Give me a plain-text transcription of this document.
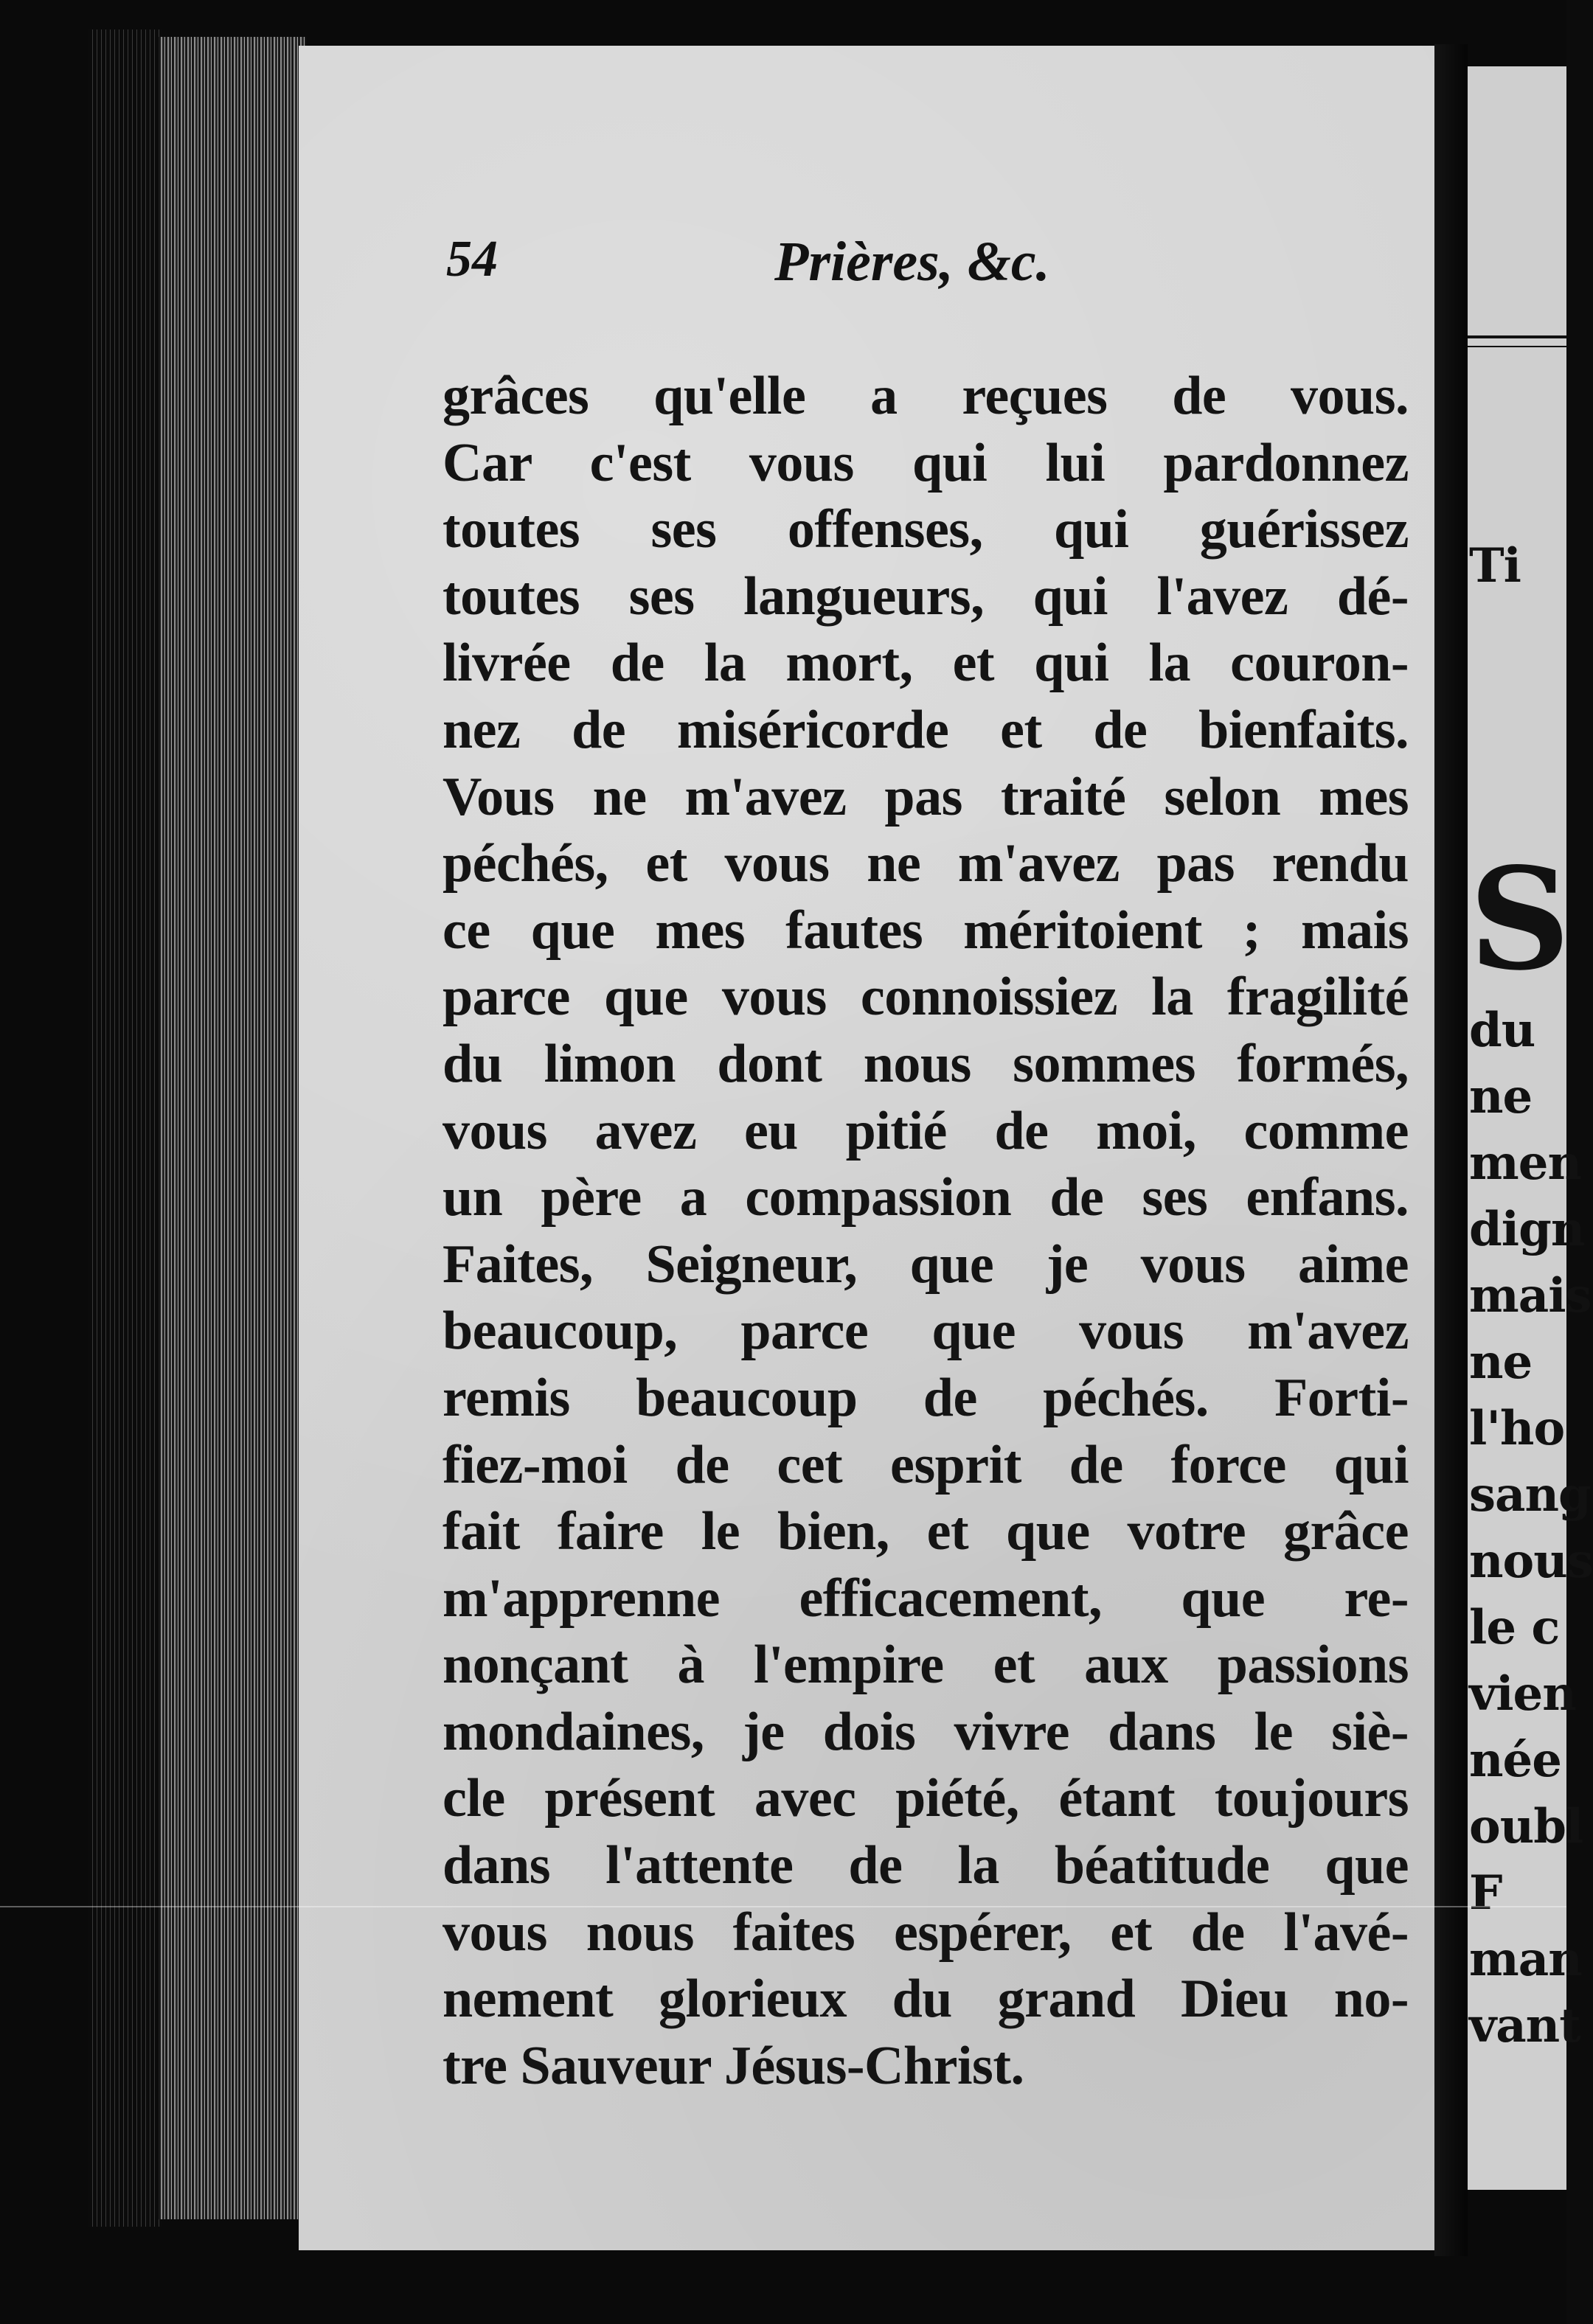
54	Prières, &c.
grâces qu'elle a reçues de vous.
Car c'est vous qui lui pardonnez
toutes ses offenses, qui guérissez
toutes ses langueurs, qui l'avez dé-
livrée de la mort, et qui la couron-
nez de miséricorde et de bienfaits.
Vous ne m'avez pas traité selon mes
péchés, et vous ne m'avez pas rendu
ce que mes fautes méritoient ; mais
parce que vous connoissiez la fragilité
du limon dont nous sommes formés,
vous avez eu pitié de moi, comme
un père a compassion de ses enfans.
Faites, Seigneur, que je vous aime
beaucoup, parce que vous m'avez
remis beaucoup de péchés. Forti-
fiez-moi de cet esprit de force qui
fait faire le bien, et que votre grâce
m'apprenne efficacement, que re-
nonçant à l'empire et aux passions
mondaines, je dois vivre dans le siè-
cle présent avec piété, étant toujours
dans l'attente de la béatitude que
vous nous faites espérer, et de l'avé-
nement glorieux du grand Dieu no-
tre Sauveur Jésus-Christ.
S
Ti
du
ne
men
dign
mais
ne
l'ho
sang
nous
le c
vien
née
oubl
F
man
vant
